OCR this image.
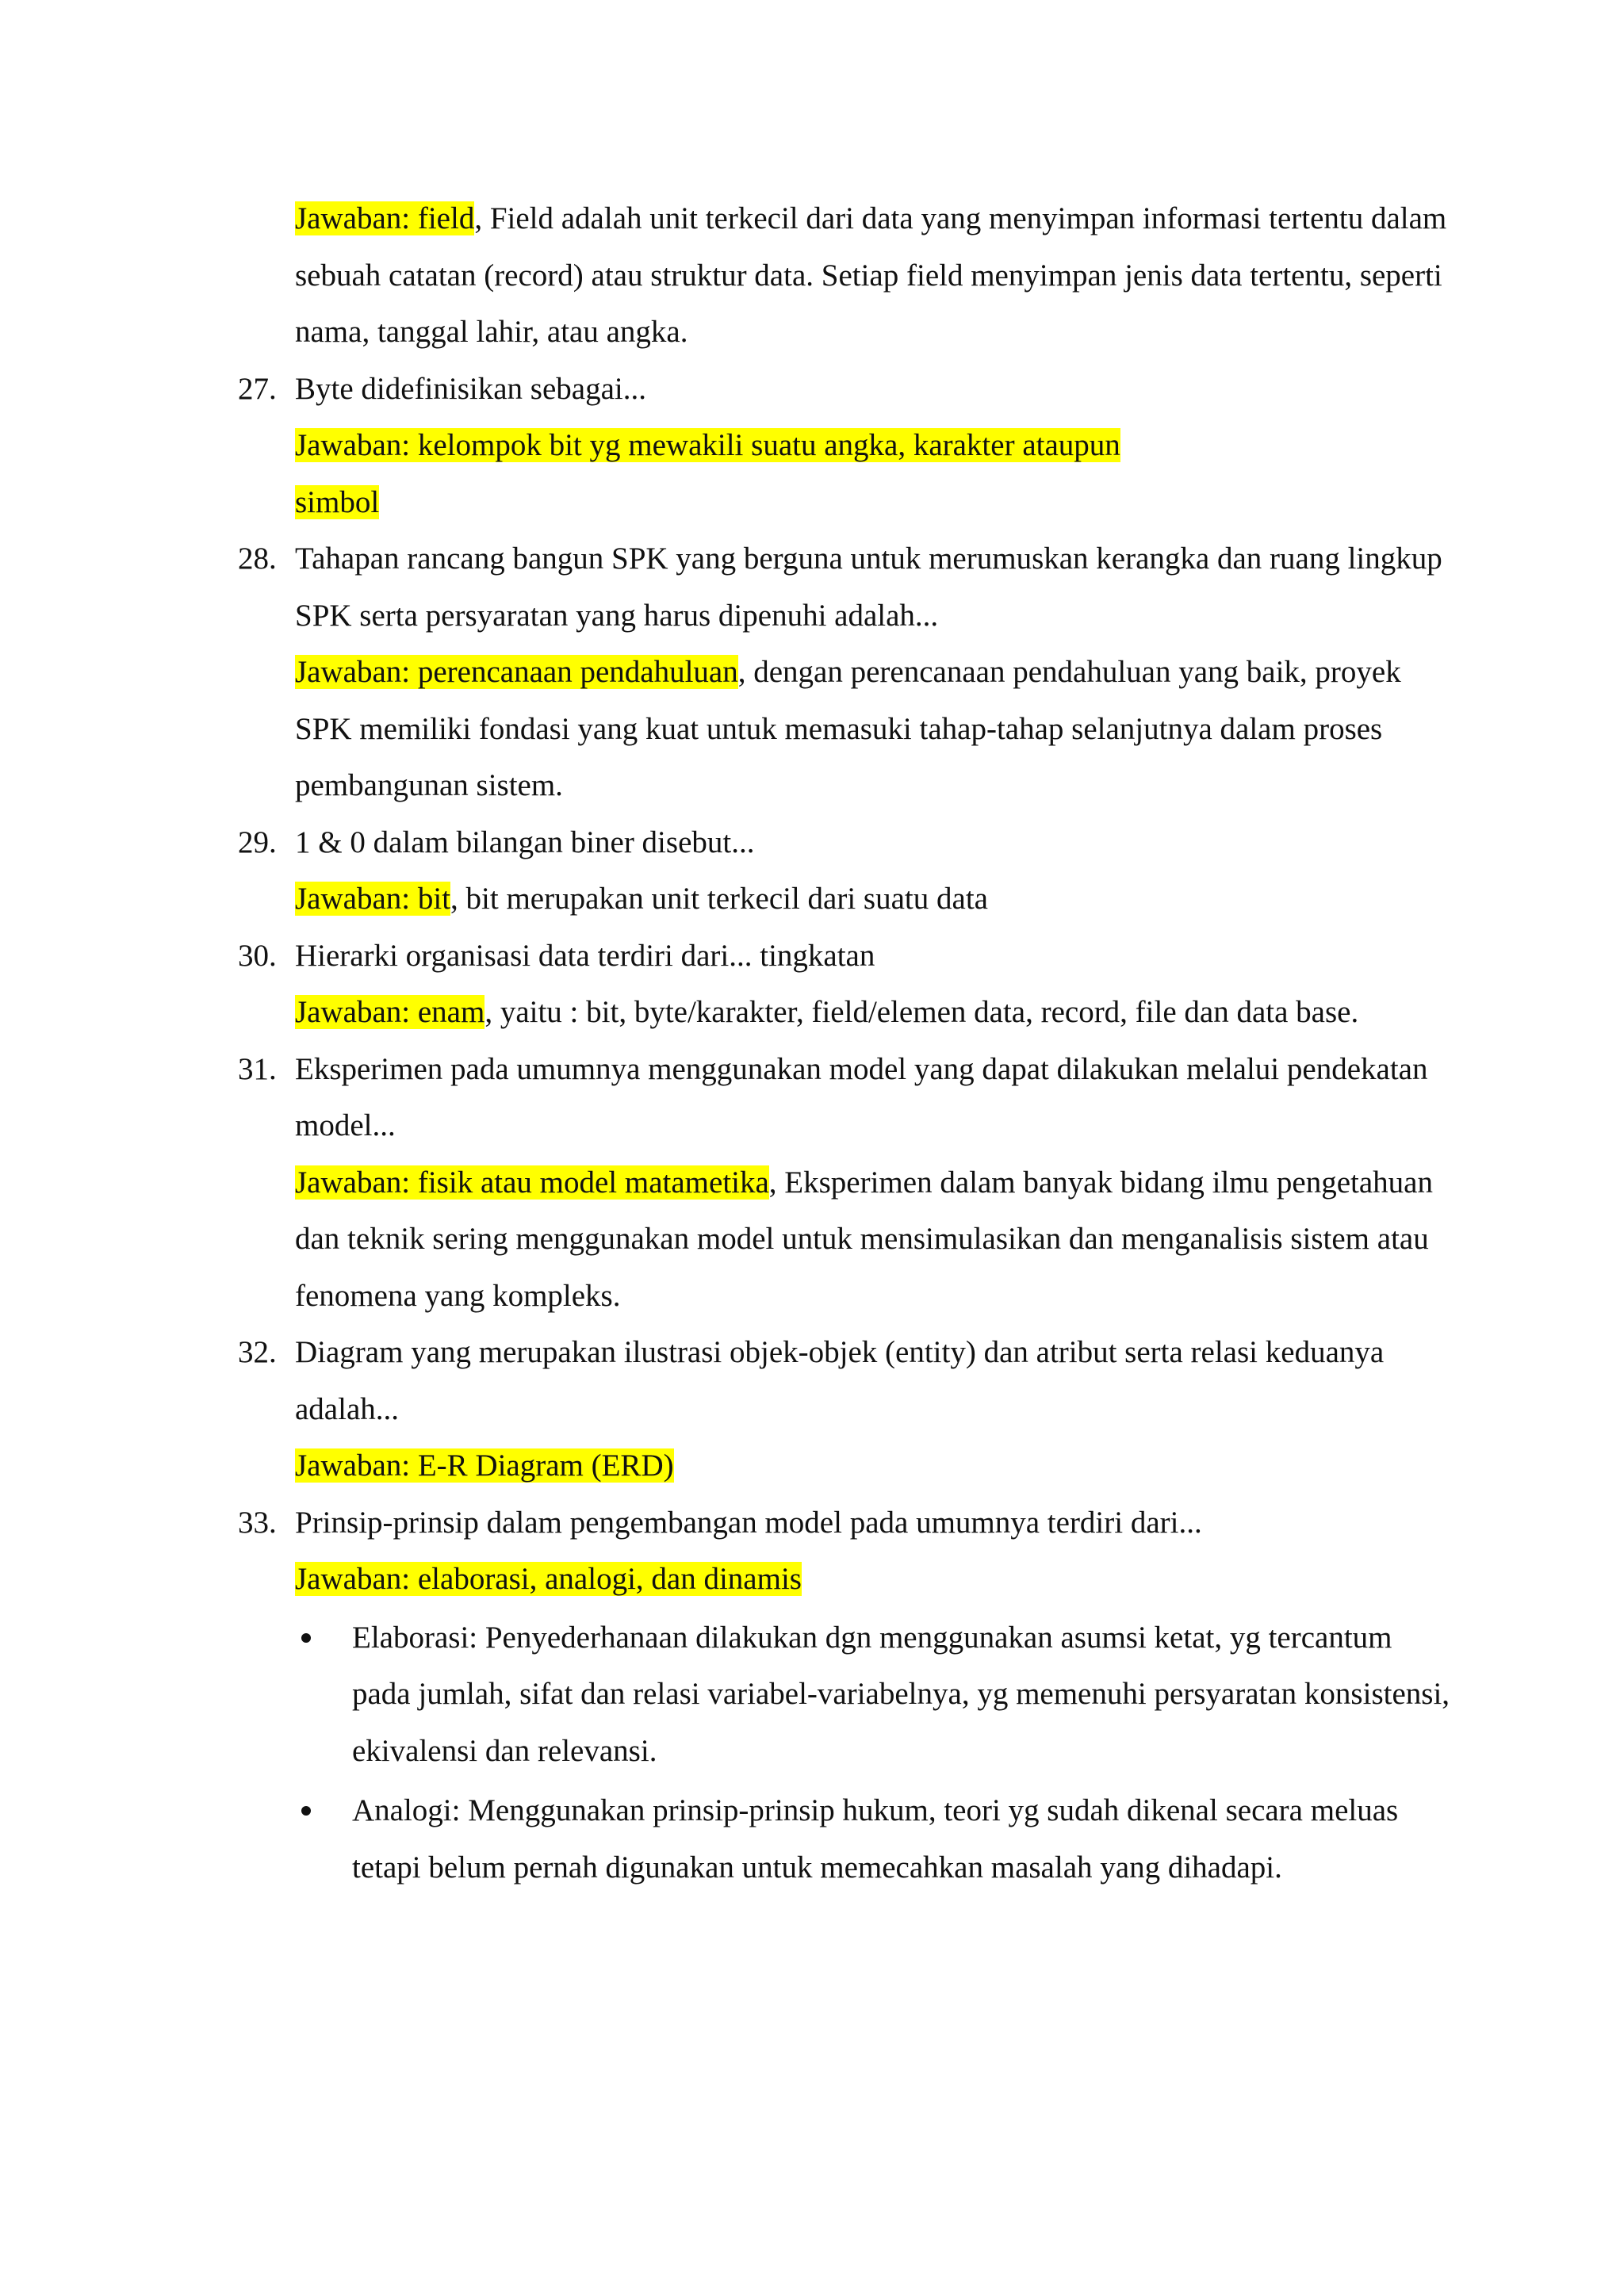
Jawaban: field, Field adalah unit terkecil dari data yang menyimpan informasi tertentu dalam sebuah catatan (record) atau struktur data. Setiap field menyimpan jenis data tertentu, seperti nama, tanggal lahir, atau angka.
27. Byte didefinisikan sebagai...
Jawaban: kelompok bit yg mewakili suatu angka, karakter ataupun
simbol
28. Tahapan rancang bangun SPK yang berguna untuk merumuskan kerangka dan ruang lingkup SPK serta persyaratan yang harus dipenuhi adalah...
Jawaban: perencanaan pendahuluan, dengan perencanaan pendahuluan yang baik, proyek SPK memiliki fondasi yang kuat untuk memasuki tahap-tahap selanjutnya dalam proses pembangunan sistem.
29. 1 & 0 dalam bilangan biner disebut...
Jawaban: bit, bit merupakan unit terkecil dari suatu data
30. Hierarki organisasi data terdiri dari... tingkatan
Jawaban: enam, yaitu : bit, byte/karakter, field/elemen data, record, file dan data base.
31. Eksperimen pada umumnya menggunakan model yang dapat dilakukan melalui pendekatan model...
Jawaban: fisik atau model matametika, Eksperimen dalam banyak bidang ilmu pengetahuan dan teknik sering menggunakan model untuk mensimulasikan dan menganalisis sistem atau fenomena yang kompleks.
32. Diagram yang merupakan ilustrasi objek-objek (entity) dan atribut serta relasi keduanya adalah...
Jawaban: E-R Diagram (ERD)
33. Prinsip-prinsip dalam pengembangan model pada umumnya terdiri dari...
Jawaban: elaborasi, analogi, dan dinamis
Elaborasi: Penyederhanaan dilakukan dgn menggunakan asumsi ketat, yg tercantum pada jumlah, sifat dan relasi variabel-variabelnya, yg memenuhi persyaratan konsistensi, ekivalensi dan relevansi.
Analogi: Menggunakan prinsip-prinsip hukum, teori yg sudah dikenal secara meluas tetapi belum pernah digunakan untuk memecahkan masalah yang dihadapi.
